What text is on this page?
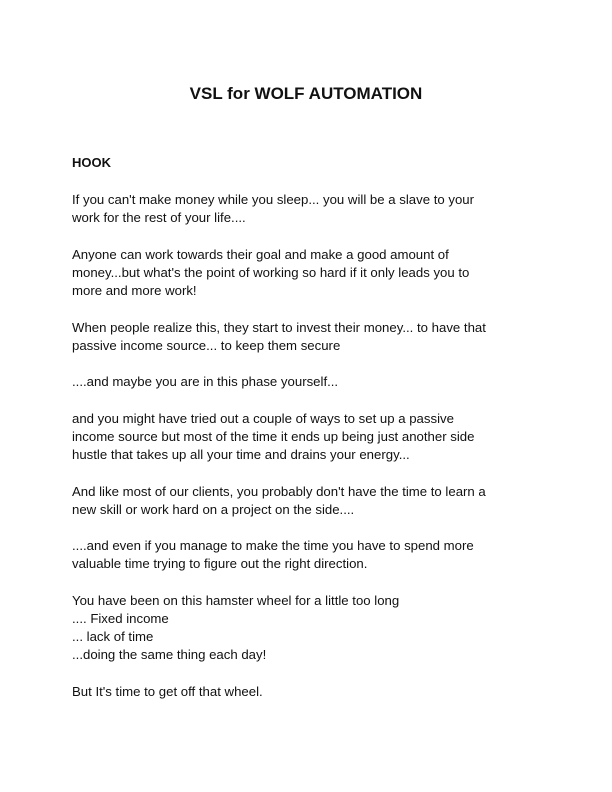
VSL for WOLF AUTOMATION
HOOK
If you can't make money while you sleep... you will be a slave to your
work for the rest of your life....
Anyone can work towards their goal and make a good amount of
money...but what's the point of working so hard if it only leads you to
more and more work!
When people realize this, they start to invest their money... to have that
passive income source... to keep them secure
....and maybe you are in this phase yourself...
and you might have tried out a couple of ways to set up a passive
income source but most of the time it ends up being just another side
hustle that takes up all your time and drains your energy...
And like most of our clients, you probably don't have the time to learn a
new skill or work hard on a project on the side....
....and even if you manage to make the time you have to spend more
valuable time trying to figure out the right direction.
You have been on this hamster wheel for a little too long
.... Fixed income
... lack of time
...doing the same thing each day!
But It's time to get off that wheel.
